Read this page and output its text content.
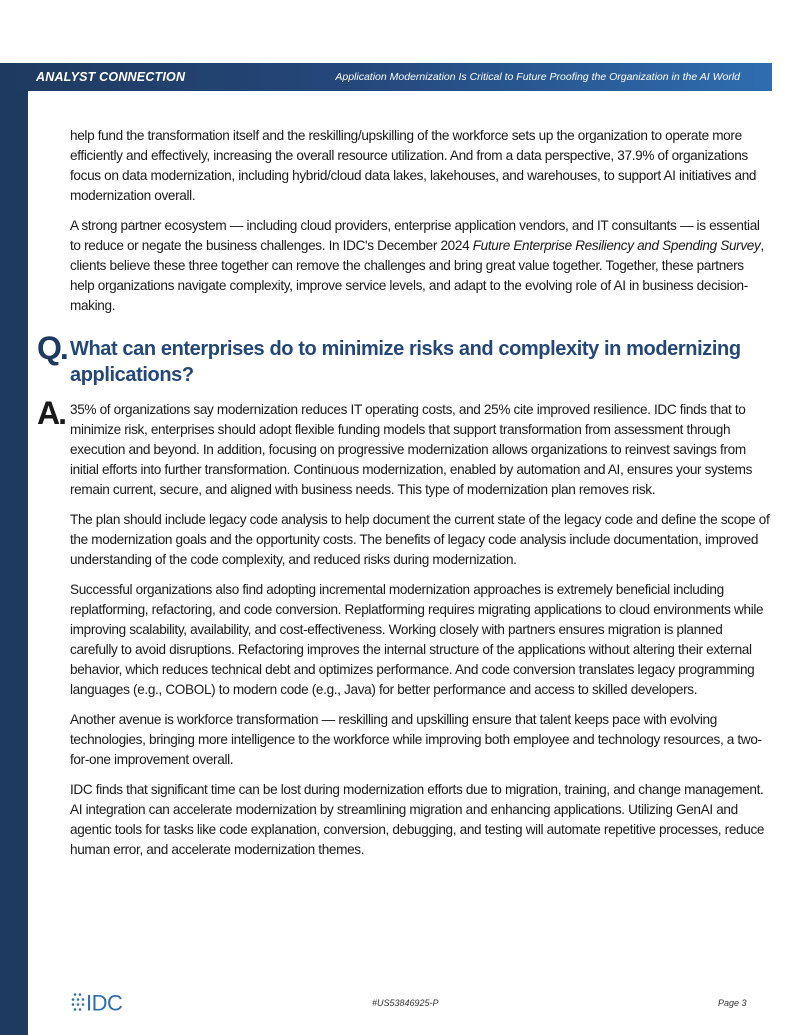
ANALYST CONNECTION	Application Modernization Is Critical to Future Proofing the Organization in the AI World

help fund the transformation itself and the reskilling/upskilling of the workforce sets up the organization to operate more efficiently and effectively, increasing the overall resource utilization. And from a data perspective, 37.9% of organizations focus on data modernization, including hybrid/cloud data lakes, lakehouses, and warehouses, to support AI initiatives and modernization overall.

A strong partner ecosystem — including cloud providers, enterprise application vendors, and IT consultants — is essential to reduce or negate the business challenges. In IDC's December 2024 Future Enterprise Resiliency and Spending Survey, clients believe these three together can remove the challenges and bring great value together. Together, these partners help organizations navigate complexity, improve service levels, and adapt to the evolving role of AI in business decision-making.

Q. What can enterprises do to minimize risks and complexity in modernizing applications?
A. 35% of organizations say modernization reduces IT operating costs, and 25% cite improved resilience. IDC finds that to minimize risk, enterprises should adopt flexible funding models that support transformation from assessment through execution and beyond. In addition, focusing on progressive modernization allows organizations to reinvest savings from initial efforts into further transformation. Continuous modernization, enabled by automation and AI, ensures your systems remain current, secure, and aligned with business needs. This type of modernization plan removes risk.

The plan should include legacy code analysis to help document the current state of the legacy code and define the scope of the modernization goals and the opportunity costs. The benefits of legacy code analysis include documentation, improved understanding of the code complexity, and reduced risks during modernization.

Successful organizations also find adopting incremental modernization approaches is extremely beneficial including replatforming, refactoring, and code conversion. Replatforming requires migrating applications to cloud environments while improving scalability, availability, and cost-effectiveness. Working closely with partners ensures migration is planned carefully to avoid disruptions. Refactoring improves the internal structure of the applications without altering their external behavior, which reduces technical debt and optimizes performance. And code conversion translates legacy programming languages (e.g., COBOL) to modern code (e.g., Java) for better performance and access to skilled developers.

Another avenue is workforce transformation — reskilling and upskilling ensure that talent keeps pace with evolving technologies, bringing more intelligence to the workforce while improving both employee and technology resources, a two-for-one improvement overall.

IDC finds that significant time can be lost during modernization efforts due to migration, training, and change management. AI integration can accelerate modernization by streamlining migration and enhancing applications. Utilizing GenAI and agentic tools for tasks like code explanation, conversion, debugging, and testing will automate repetitive processes, reduce human error, and accelerate modernization themes.

IDC	#US53846925-P	Page 3
